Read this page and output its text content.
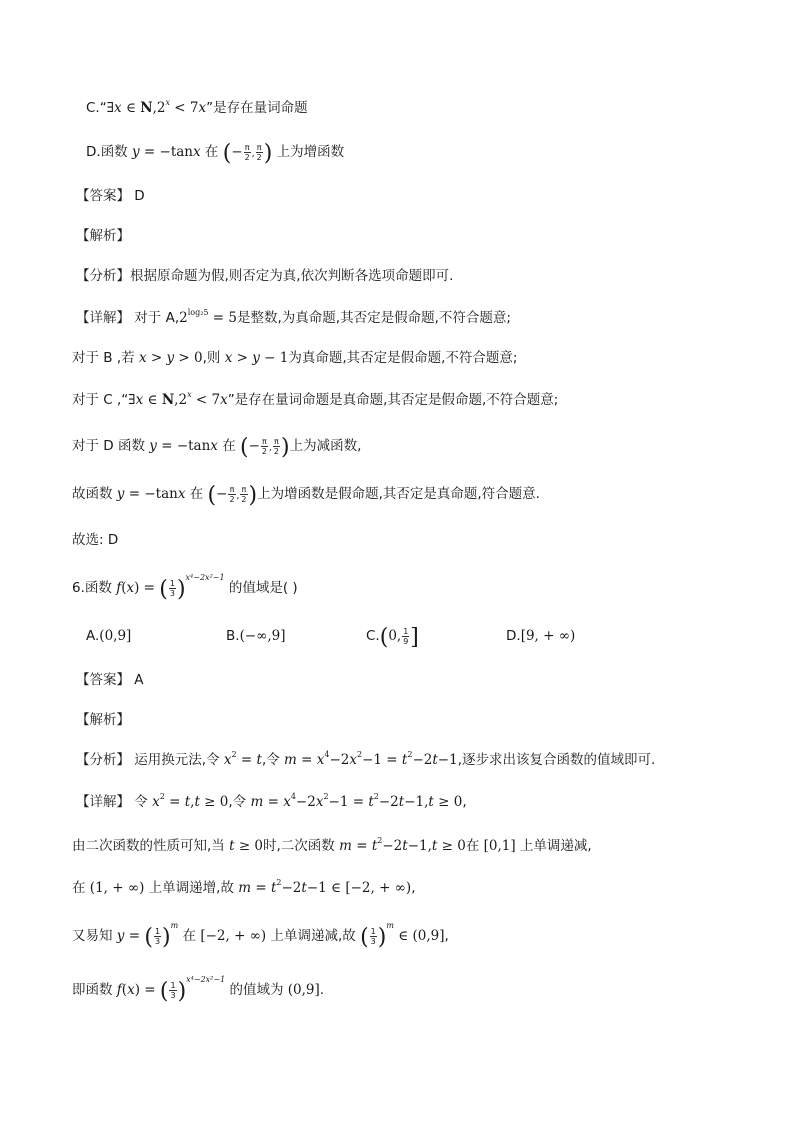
C.“∃x ∈ $N,2^x < 7x$”是存在量词命题
D.函数 y = −tanx 在 (− $\frac{\pi}{2}$ , $\frac{\pi}{2}$ ) 上为增函数
【答案】 D
【解析】
【分析】根据原命题为假,则否定为真,依次判断各选项命题即可.
【详解】 对于 $A,2^{log_25} = 5$是整数,为真命题,其否定是假命题,不符合题意;
对于 B ,若 x > y > 0,则 x > y − 1为真命题,其否定是假命题,不符合题意;
对于 C ,“∃x ∈ $N,2^x < 7x$”是存在量词命题是真命题,其否定是假命题,不符合题意;
对于 D 函数 y = −tanx 在 (− $\frac{\pi}{2}$ , $\frac{\pi}{2}$ )上为减函数,
故函数 y = −tanx 在 (− $\frac{\pi}{2}$ , $\frac{\pi}{2}$ )上为增函数是假命题,其否定是真命题,符合题意.
故选: D
6.函数 f(x) = ( $\frac{1}{3} )^{x^4-2x^2-1}$ 的值域是( )
A.(0,9]	B.(−∞,9]	C.(0, $\frac{1}{9}$ ]	D.[9, + ∞)
【答案】 A
【解析】
【分析】 运用换元法,令 $x^2 = t$,令 $m = x^4-2x^2-1 = t^2-2t-1$,逐步求出该复合函数的值域即可.
【详解】 令 $x^2 = t,t \ge 0$,令 $m = x^4-2x^2-1 = t^2-2t-1,t \ge 0$,
由二次函数的性质可知,当 t ≥ 0时,二次函数 $m = t^2-2t-1,t \ge 0$在 [0,1] 上单调递减,
在 (1, + ∞) 上单调递增,故 $m = t^2-2t-1$ ∈ [−2, + ∞),
又易知 y = ( $\frac{1}{3} )^m$ 在 [−2, + ∞) 上单调递减,故 ( $\frac{1}{3} )^m$ ∈ (0,9],
即函数 f(x) = ( $\frac{1}{3} )^{x^4-2x^2-1}$ 的值域为 (0,9].
